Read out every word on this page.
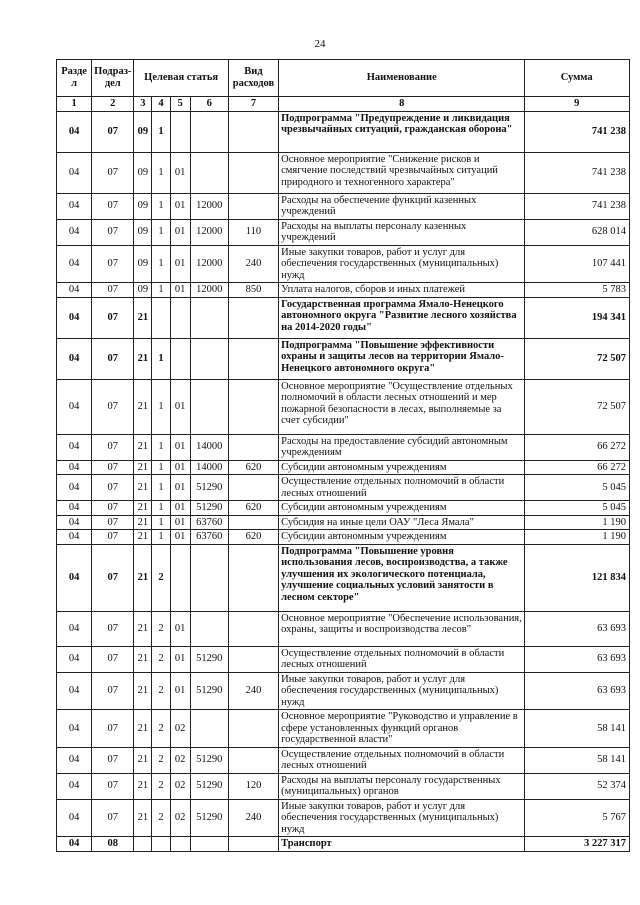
24
Разде л	Подраз- дел	Целевая статья				Вид расходов	Наименование	Сумма
1	2	3	4	5	6	7	8	9
04	07	09	1				Подпрограмма "Предупреждение и ликвидация чрезвычайных ситуаций, гражданская оборона"	741 238
04	07	09	1	01			Основное мероприятие "Снижение рисков и смягчение последствий чрезвычайных ситуаций природного и техногенного характера"	741 238
04	07	09	1	01	12000		Расходы на обеспечение функций казенных учреждений	741 238
04	07	09	1	01	12000	110	Расходы на выплаты персоналу казенных учреждений	628 014
04	07	09	1	01	12000	240	Иные закупки товаров, работ и услуг для обеспечения государственных (муниципальных) нужд	107 441
04	07	09	1	01	12000	850	Уплата налогов, сборов и иных платежей	5 783
04	07	21					Государственная программа Ямало-Ненецкого автономного округа "Развитие лесного хозяйства на 2014-2020 годы"	194 341
04	07	21	1				Подпрограмма "Повышение эффективности охраны и защиты лесов на территории Ямало-Ненецкого автономного округа"	72 507
04	07	21	1	01			Основное мероприятие "Осуществление отдельных полномочий в области лесных отношений и мер пожарной безопасности в лесах, выполняемые за счет субсидии"	72 507
04	07	21	1	01	14000		Расходы на предоставление субсидий автономным учреждениям	66 272
04	07	21	1	01	14000	620	Субсидии автономным учреждениям	66 272
04	07	21	1	01	51290		Осуществление отдельных полномочий в области лесных отношений	5 045
04	07	21	1	01	51290	620	Субсидии автономным учреждениям	5 045
04	07	21	1	01	63760		Субсидия на иные цели ОАУ "Леса Ямала"	1 190
04	07	21	1	01	63760	620	Субсидии автономным учреждениям	1 190
04	07	21	2				Подпрограмма "Повышение уровня использования лесов, воспроизводства, а также улучшения их экологического потенциала, улучшение социальных условий занятости в лесном секторе"	121 834
04	07	21	2	01			Основное мероприятие "Обеспечение использования, охраны, защиты и воспроизводства лесов"	63 693
04	07	21	2	01	51290		Осуществление отдельных полномочий в области лесных отношений	63 693
04	07	21	2	01	51290	240	Иные закупки товаров, работ и услуг для обеспечения государственных (муниципальных) нужд	63 693
04	07	21	2	02			Основное мероприятие "Руководство и управление в сфере установленных функций органов государственной власти"	58 141
04	07	21	2	02	51290		Осуществление отдельных полномочий в области лесных отношений	58 141
04	07	21	2	02	51290	120	Расходы на выплаты персоналу государственных (муниципальных) органов	52 374
04	07	21	2	02	51290	240	Иные закупки товаров, работ и услуг для обеспечения государственных (муниципальных) нужд	5 767
04	08						Транспорт	3 227 317
